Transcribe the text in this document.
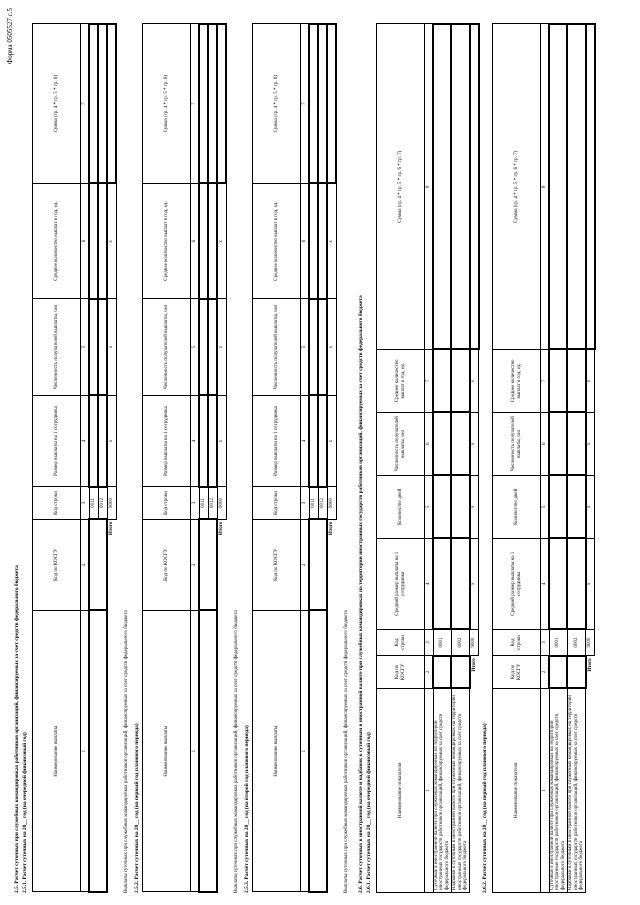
Форма 0505527 с.5
2.5. Расчет суточных при служебных командировках работников организаций, финансируемых за счет средств федерального бюджета 2.5.1. Расчет суточных на 20__ год (на очередной финансовый год)	Наименование выплаты	Код по КОСГУ	Код строки	Размер выплаты на 1 сотрудника	Численность получателей выплаты, чел	Среднее количество выплат в год, ед.	Сумма (гр. 4 * гр. 5 * гр. 6)
1	2	3	4	5	6	7
		0011				
		0012				
Итого		9000	x	x	x	
Выплаты суточных при служебных командировках работников организаций, финансируемых за счет средств федерального бюджета 2.5.2. Расчет суточных на 20__ год (на первый год планового периода)	Наименование выплаты	Код по КОСГУ	Код строки	Размер выплаты на 1 сотрудника	Численность получателей выплаты, чел	Среднее количество выплат в год, ед.	Сумма (гр. 4 * гр. 5 * гр. 6)
1	2	3	4	5	6	7
		0011				
		0012				
Итого		9000	x	x	x	
Выплаты суточных при служебных командировках работников организаций, финансируемых за счет средств федерального бюджета 2.5.3. Расчет суточных на 20__ год (на второй год планового периода)	Наименование выплаты	Код по КОСГУ	Код строки	Размер выплаты на 1 сотрудника	Численность получателей выплаты, чел	Среднее количество выплат в год, ед.	Сумма (гр. 4 * гр. 5 * гр. 6)
1	2	3	4	5	6	7
		0011				
		0012				
Итого		9000	x	x	x	
Выплаты суточных при служебных командировках работников организаций, финансируемых за счет средств федерального бюджета 2.6. Расчет суточных в иностранной валюте и надбавок к суточным в иностранной валюте при служебных командировках на территории иностранных государств работников организаций, финансируемых за счет средств федерального бюджета 2.6.1. Расчет суточных на 20__ год (на очередной финансовый год)	Наименование показателя	Код по КОСГУ	Код строки	Средний размер выплаты на 1 сотрудника	Количество дней	Численность получателей выплаты, чел	Среднее количество выплат в год, ед.	Сумма (гр. 4 * гр. 5 * гр. 6 * гр. 7)
1	2	3	4	5	6	7	8
Суточные в иностранной валюте при служебных командировках на территории иностранных государств работников организаций, финансируемых за счет средств федерального бюджета		0001					
Надбавки к суточным в иностранной валюте при служебных командировках на территории иностранных государств работников организаций, финансируемых за счет средств федерального бюджета		0002					
Итого		9000	x	x	x	x	
2.6.2. Расчет суточных на 20__ год (на первый год планового периода)	Наименование показателя	Код по КОСГУ	Код строки	Средний размер выплаты на 1 сотрудника	Количество дней	Численность получателей выплаты, чел	Среднее количество выплат в год, ед.	Сумма (гр. 4 * гр. 5 * гр. 6 * гр. 7)
1	2	3	4	5	6	7	8
Суточные в иностранной валюте при служебных командировках на территории иностранных государств работников организаций, финансируемых за счет средств федерального бюджета		0001					
Надбавки к суточным в иностранной валюте при служебных командировках на территории иностранных государств работников организаций, финансируемых за счет средств федерального бюджета		0002					
Итого		9000	x	x	x	x	
